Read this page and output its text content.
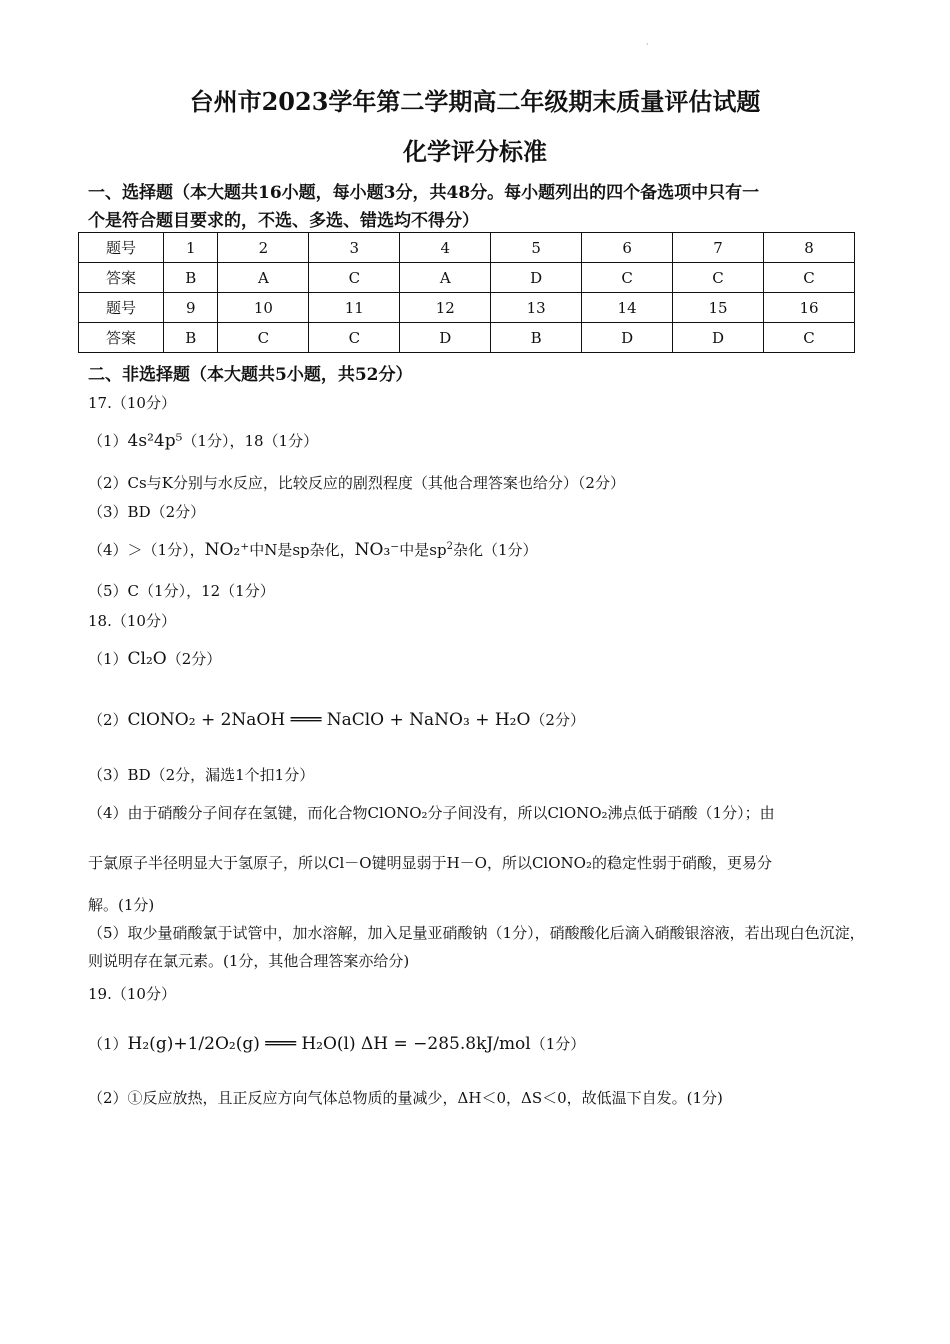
·
台州市2023学年第二学期高二年级期末质量评估试题
化学评分标准
一、选择题（本大题共16小题，每小题3分，共48分。每小题列出的四个备选项中只有一
个是符合题目要求的，不选、多选、错选均不得分）
题号	1	2	3	4	5	6	7	8
答案	B	A	C	A	D	C	C	C
题号	9	10	11	12	13	14	15	16
答案	B	C	C	D	B	D	D	C
二、非选择题（本大题共5小题，共52分）
17.（10分）
（1）4s²4p⁵（1分），18（1分）
（2）Cs与K分别与水反应，比较反应的剧烈程度（其他合理答案也给分）（2分）
（3）BD（2分）
（4）＞（1分），NO₂⁺中N是sp杂化，NO₃⁻中是$sp^2$杂化（1分）
（5）C（1分），12（1分）
18.（10分）
（1）Cl₂O（2分）
（2）ClONO₂ + 2NaOH ═══ NaClO + NaNO₃ + H₂O（2分）
（3）BD（2分，漏选1个扣1分）
（4）由于硝酸分子间存在氢键，而化合物ClONO₂分子间没有，所以ClONO₂沸点低于硝酸（1分）；由
于氯原子半径明显大于氢原子，所以Cl－O键明显弱于H－O，所以ClONO₂的稳定性弱于硝酸，更易分
解。(1分)
（5）取少量硝酸氯于试管中，加水溶解，加入足量亚硝酸钠（1分），硝酸酸化后滴入硝酸银溶液，若出现白色沉淀，则说明存在氯元素。(1分，其他合理答案亦给分)
19.（10分）
（1）H₂(g)+1/2O₂(g) ═══ H₂O(l) ΔH = −285.8kJ/mol（1分）
（2）①反应放热，且正反应方向气体总物质的量减少，ΔH＜0，ΔS＜0，故低温下自发。(1分)
